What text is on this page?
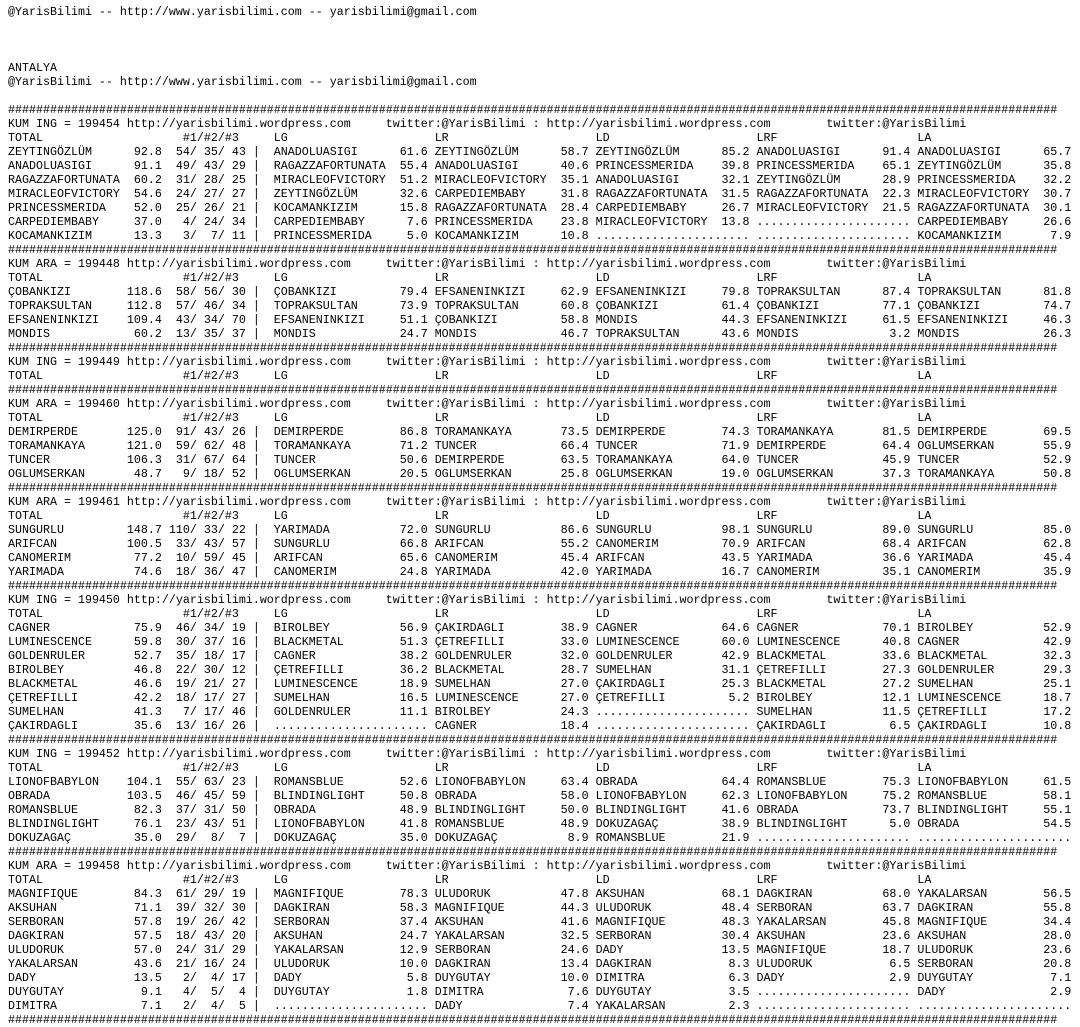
@YarisBilimi -- http://www.yarisbilimi.com -- yarisbilimi@gmail.com
ANTALYA
@YarisBilimi -- http://www.yarisbilimi.com -- yarisbilimi@gmail.com
######################################################################################################################################################
KUM ING = 199454 http://yarisbilimi.wordpress.com     twitter:@YarisBilimi : http://yarisbilimi.wordpress.com        twitter:@YarisBilimi
TOTAL                    #1/#2/#3     LG                     LR                     LD                     LRF                    LA
ZEYTINGÖZLÜM      92.8  54/ 35/ 43 |  ANADOLUASIGI      61.6 ZEYTINGÖZLÜM      58.7 ZEYTINGÖZLÜM      85.2 ANADOLUASIGI      91.4 ANADOLUASIGI      65.7
ANADOLUASIGI      91.1  49/ 43/ 29 |  RAGAZZAFORTUNATA  55.4 ANADOLUASIGI      40.6 PRINCESSMERIDA    39.8 PRINCESSMERIDA    65.1 ZEYTINGÖZLÜM      35.8
RAGAZZAFORTUNATA  60.2  31/ 28/ 25 |  MIRACLEOFVICTORY  51.2 MIRACLEOFVICTORY  35.1 ANADOLUASIGI      32.1 ZEYTINGÖZLÜM      28.9 PRINCESSMERIDA    32.2
MIRACLEOFVICTORY  54.6  24/ 27/ 27 |  ZEYTINGÖZLÜM      32.6 CARPEDIEMBABY     31.8 RAGAZZAFORTUNATA  31.5 RAGAZZAFORTUNATA  22.3 MIRACLEOFVICTORY  30.7
PRINCESSMERIDA    52.0  25/ 26/ 21 |  KOCAMANKIZIM      15.8 RAGAZZAFORTUNATA  28.4 CARPEDIEMBABY     26.7 MIRACLEOFVICTORY  21.5 RAGAZZAFORTUNATA  30.1
CARPEDIEMBABY     37.0   4/ 24/ 34 |  CARPEDIEMBABY      7.6 PRINCESSMERIDA    23.8 MIRACLEOFVICTORY  13.8 ...................... CARPEDIEMBABY     26.6
KOCAMANKIZIM      13.3   3/  7/ 11 |  PRINCESSMERIDA     5.0 KOCAMANKIZIM      10.8 ...................... ...................... KOCAMANKIZIM       7.9
######################################################################################################################################################
KUM ARA = 199448 http://yarisbilimi.wordpress.com     twitter:@YarisBilimi : http://yarisbilimi.wordpress.com        twitter:@YarisBilimi
TOTAL                    #1/#2/#3     LG                     LR                     LD                     LRF                    LA
ÇOBANKIZI        118.6  58/ 56/ 30 |  ÇOBANKIZI         79.4 EFSANENINKIZI     62.9 EFSANENINKIZI     79.8 TOPRAKSULTAN      87.4 TOPRAKSULTAN      81.8
TOPRAKSULTAN     112.8  57/ 46/ 34 |  TOPRAKSULTAN      73.9 TOPRAKSULTAN      60.8 ÇOBANKIZI         61.4 ÇOBANKIZI         77.1 ÇOBANKIZI         74.7
EFSANENINKIZI    109.4  43/ 34/ 70 |  EFSANENINKIZI     51.1 ÇOBANKIZI         58.8 MONDIS            44.3 EFSANENINKIZI     61.5 EFSANENINKIZI     46.3
MONDIS            60.2  13/ 35/ 37 |  MONDIS            24.7 MONDIS            46.7 TOPRAKSULTAN      43.6 MONDIS             3.2 MONDIS            26.3
######################################################################################################################################################
KUM ING = 199449 http://yarisbilimi.wordpress.com     twitter:@YarisBilimi : http://yarisbilimi.wordpress.com        twitter:@YarisBilimi
TOTAL                    #1/#2/#3     LG                     LR                     LD                     LRF                    LA
######################################################################################################################################################
KUM ARA = 199460 http://yarisbilimi.wordpress.com     twitter:@YarisBilimi : http://yarisbilimi.wordpress.com        twitter:@YarisBilimi
TOTAL                    #1/#2/#3     LG                     LR                     LD                     LRF                    LA
DEMIRPERDE       125.0  91/ 43/ 26 |  DEMIRPERDE        86.8 TORAMANKAYA       73.5 DEMIRPERDE        74.3 TORAMANKAYA       81.5 DEMIRPERDE        69.5
TORAMANKAYA      121.0  59/ 62/ 48 |  TORAMANKAYA       71.2 TUNCER            66.4 TUNCER            71.9 DEMIRPERDE        64.4 OGLUMSERKAN       55.9
TUNCER           106.3  31/ 67/ 64 |  TUNCER            50.6 DEMIRPERDE        63.5 TORAMANKAYA       64.0 TUNCER            45.9 TUNCER            52.9
OGLUMSERKAN       48.7   9/ 18/ 52 |  OGLUMSERKAN       20.5 OGLUMSERKAN       25.8 OGLUMSERKAN       19.0 OGLUMSERKAN       37.3 TORAMANKAYA       50.8
######################################################################################################################################################
KUM ARA = 199461 http://yarisbilimi.wordpress.com     twitter:@YarisBilimi : http://yarisbilimi.wordpress.com        twitter:@YarisBilimi
TOTAL                    #1/#2/#3     LG                     LR                     LD                     LRF                    LA
SUNGURLU         148.7 110/ 33/ 22 |  YARIMADA          72.0 SUNGURLU          86.6 SUNGURLU          98.1 SUNGURLU          89.0 SUNGURLU          85.0
ARIFCAN          100.5  33/ 43/ 57 |  SUNGURLU          66.8 ARIFCAN           55.2 CANOMERIM         70.9 ARIFCAN           68.4 ARIFCAN           62.8
CANOMERIM         77.2  10/ 59/ 45 |  ARIFCAN           65.6 CANOMERIM         45.4 ARIFCAN           43.5 YARIMADA          36.6 YARIMADA          45.4
YARIMADA          74.6  18/ 36/ 47 |  CANOMERIM         24.8 YARIMADA          42.0 YARIMADA          16.7 CANOMERIM         35.1 CANOMERIM         35.9
######################################################################################################################################################
KUM ING = 199450 http://yarisbilimi.wordpress.com     twitter:@YarisBilimi : http://yarisbilimi.wordpress.com        twitter:@YarisBilimi
TOTAL                    #1/#2/#3     LG                     LR                     LD                     LRF                    LA
CAGNER            75.9  46/ 34/ 19 |  BIROLBEY          56.9 ÇAKIRDAGLI        38.9 CAGNER            64.6 CAGNER            70.1 BIROLBEY          52.9
LUMINESCENCE      59.8  30/ 37/ 16 |  BLACKMETAL        51.3 ÇETREFILLI        33.0 LUMINESCENCE      60.0 LUMINESCENCE      40.8 CAGNER            42.9
GOLDENRULER       52.7  35/ 18/ 17 |  CAGNER            38.2 GOLDENRULER       32.0 GOLDENRULER       42.9 BLACKMETAL        33.6 BLACKMETAL        32.3
BIROLBEY          46.8  22/ 30/ 12 |  ÇETREFILLI        36.2 BLACKMETAL        28.7 SUMELHAN          31.1 ÇETREFILLI        27.3 GOLDENRULER       29.3
BLACKMETAL        46.6  19/ 21/ 27 |  LUMINESCENCE      18.9 SUMELHAN          27.0 ÇAKIRDAGLI        25.3 BLACKMETAL        27.2 SUMELHAN          25.1
ÇETREFILLI        42.2  18/ 17/ 27 |  SUMELHAN          16.5 LUMINESCENCE      27.0 ÇETREFILLI         5.2 BIROLBEY          12.1 LUMINESCENCE      18.7
SUMELHAN          41.3   7/ 17/ 46 |  GOLDENRULER       11.1 BIROLBEY          24.3 ...................... SUMELHAN          11.5 ÇETREFILLI        17.2
ÇAKIRDAGLI        35.6  13/ 16/ 26 |  ...................... CAGNER            18.4 ...................... ÇAKIRDAGLI         6.5 ÇAKIRDAGLI        10.8
######################################################################################################################################################
KUM ING = 199452 http://yarisbilimi.wordpress.com     twitter:@YarisBilimi : http://yarisbilimi.wordpress.com        twitter:@YarisBilimi
TOTAL                    #1/#2/#3     LG                     LR                     LD                     LRF                    LA
LIONOFBABYLON    104.1  55/ 63/ 23 |  ROMANSBLUE        52.6 LIONOFBABYLON     63.4 OBRADA            64.4 ROMANSBLUE        75.3 LIONOFBABYLON     61.5
OBRADA           103.5  46/ 45/ 59 |  BLINDINGLIGHT     50.8 OBRADA            58.0 LIONOFBABYLON     62.3 LIONOFBABYLON     75.2 ROMANSBLUE        58.1
ROMANSBLUE        82.3  37/ 31/ 50 |  OBRADA            48.9 BLINDINGLIGHT     50.0 BLINDINGLIGHT     41.6 OBRADA            73.7 BLINDINGLIGHT     55.1
BLINDINGLIGHT     76.1  23/ 43/ 51 |  LIONOFBABYLON     41.8 ROMANSBLUE        48.9 DOKUZAGAÇ         38.9 BLINDINGLIGHT      5.0 OBRADA            54.5
DOKUZAGAÇ         35.0  29/  8/  7 |  DOKUZAGAÇ         35.0 DOKUZAGAÇ          8.9 ROMANSBLUE        21.9 ...................... ......................
######################################################################################################################################################
KUM ARA = 199458 http://yarisbilimi.wordpress.com     twitter:@YarisBilimi : http://yarisbilimi.wordpress.com        twitter:@YarisBilimi
TOTAL                    #1/#2/#3     LG                     LR                     LD                     LRF                    LA
MAGNIFIQUE        84.3  61/ 29/ 19 |  MAGNIFIQUE        78.3 ULUDORUK          47.8 AKSUHAN           68.1 DAGKIRAN          68.0 YAKALARSAN        56.5
AKSUHAN           71.1  39/ 32/ 30 |  DAGKIRAN          58.3 MAGNIFIQUE        44.3 ULUDORUK          48.4 SERBORAN          63.7 DAGKIRAN          55.8
SERBORAN          57.8  19/ 26/ 42 |  SERBORAN          37.4 AKSUHAN           41.6 MAGNIFIQUE        48.3 YAKALARSAN        45.8 MAGNIFIQUE        34.4
DAGKIRAN          57.5  18/ 43/ 20 |  AKSUHAN           24.7 YAKALARSAN        32.5 SERBORAN          30.4 AKSUHAN           23.6 AKSUHAN           28.0
ULUDORUK          57.0  24/ 31/ 29 |  YAKALARSAN        12.9 SERBORAN          24.6 DADY              13.5 MAGNIFIQUE        18.7 ULUDORUK          23.6
YAKALARSAN        43.6  21/ 16/ 24 |  ULUDORUK          10.0 DAGKIRAN          13.4 DAGKIRAN           8.3 ULUDORUK           6.5 SERBORAN          20.8
DADY              13.5   2/  4/ 17 |  DADY               5.8 DUYGUTAY          10.0 DIMITRA            6.3 DADY               2.9 DUYGUTAY           7.1
DUYGUTAY           9.1   4/  5/  4 |  DUYGUTAY           1.8 DIMITRA            7.6 DUYGUTAY           3.5 ...................... DADY               2.9
DIMITRA            7.1   2/  4/  5 |  ...................... DADY               7.4 YAKALARSAN         2.3 ...................... ......................
######################################################################################################################################################
